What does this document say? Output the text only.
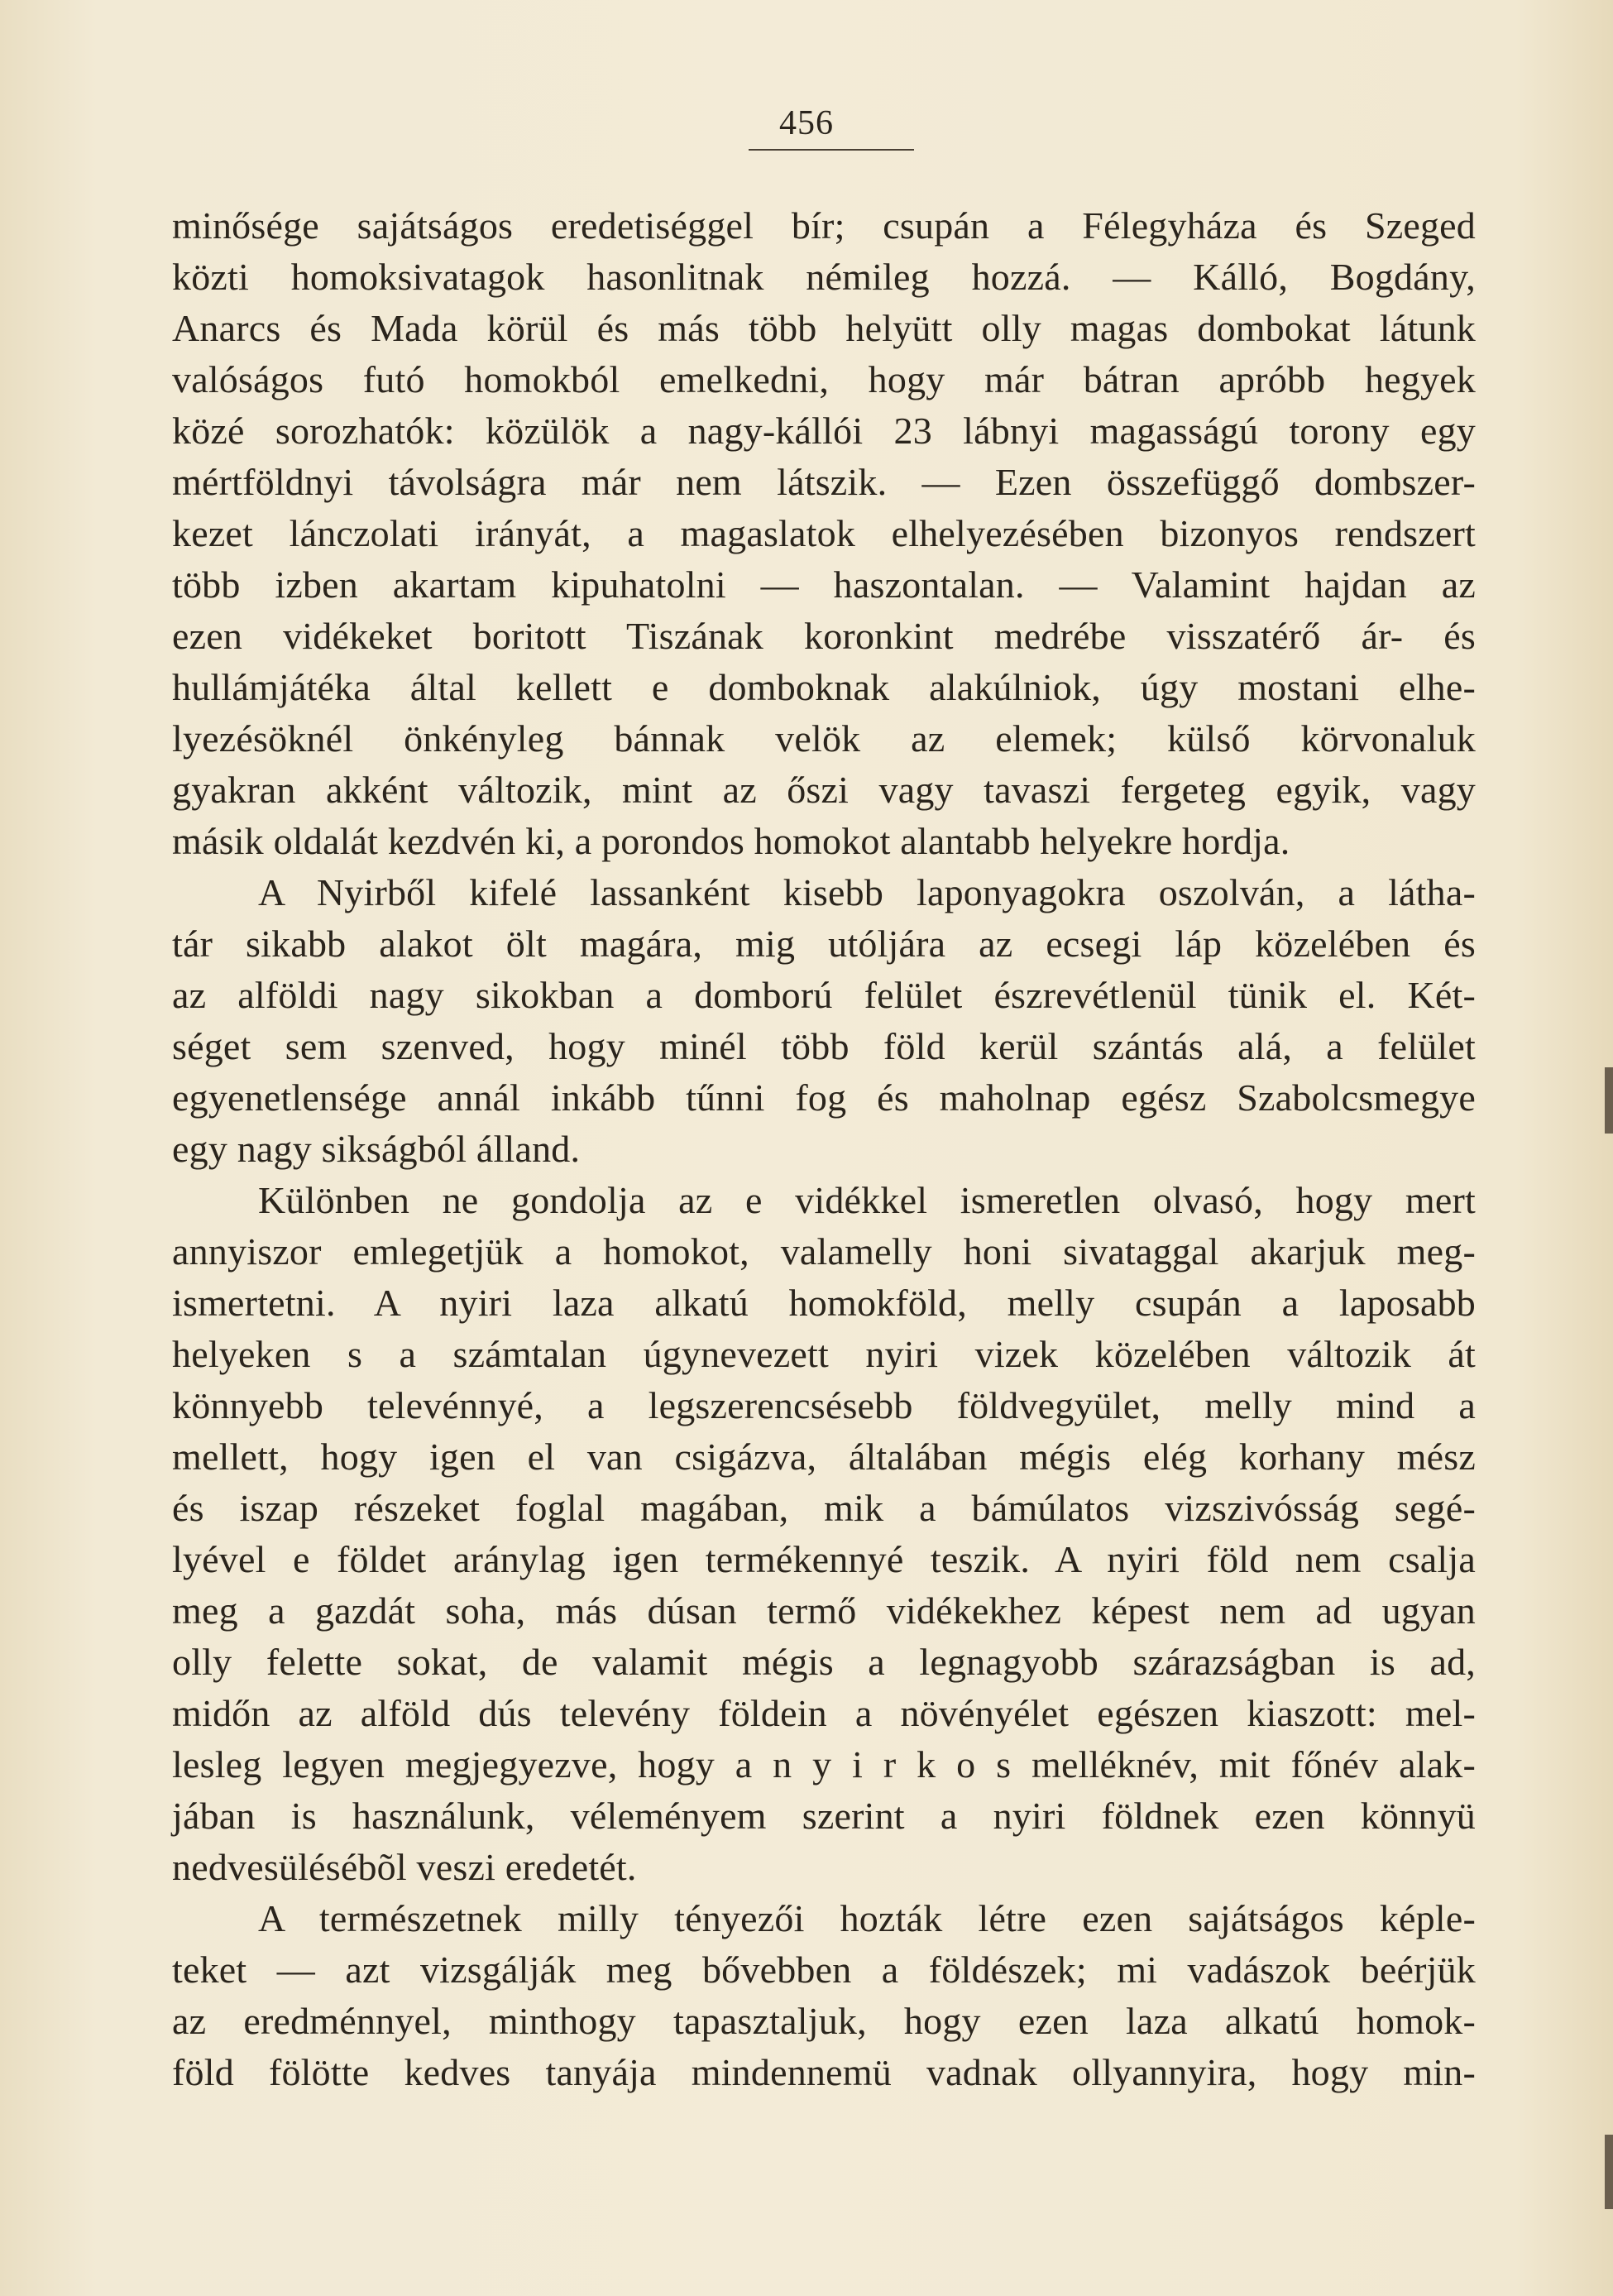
456
minősége sajátságos eredetiséggel bír; csupán a Félegyháza és Szeged
közti homoksivatagok hasonlitnak némileg hozzá. — Kálló, Bogdány,
Anarcs és Mada körül és más több helyütt olly magas dombokat látunk
valóságos futó homokból emelkedni, hogy már bátran apróbb hegyek
közé sorozhatók: közülök a nagy-kállói 23 lábnyi magasságú torony egy
mértföldnyi távolságra már nem látszik. — Ezen összefüggő dombszer-
kezet lánczolati irányát, a magaslatok elhelyezésében bizonyos rendszert
több izben akartam kipuhatolni — haszontalan. — Valamint hajdan az
ezen vidékeket boritott Tiszának koronkint medrébe visszatérő ár- és
hullámjátéka által kellett e domboknak alakúlniok, úgy mostani elhe-
lyezésöknél önkényleg bánnak velök az elemek; külső körvonaluk
gyakran akként változik, mint az őszi vagy tavaszi fergeteg egyik, vagy
másik oldalát kezdvén ki, a porondos homokot alantabb helyekre hordja.
A Nyirből kifelé lassanként kisebb laponyagokra oszolván, a látha-
tár sikabb alakot ölt magára, mig utóljára az ecsegi láp közelében és
az alföldi nagy sikokban a domború felület észrevétlenül tünik el. Két-
séget sem szenved, hogy minél több föld kerül szántás alá, a felület
egyenetlensége annál inkább tűnni fog és maholnap egész Szabolcsmegye
egy nagy sikságból álland.
Különben ne gondolja az e vidékkel ismeretlen olvasó, hogy mert
annyiszor emlegetjük a homokot, valamelly honi sivataggal akarjuk meg-
ismertetni. A nyiri laza alkatú homokföld, melly csupán a laposabb
helyeken s a számtalan úgynevezett nyiri vizek közelében változik át
könnyebb televénnyé, a legszerencsésebb földvegyület, melly mind a
mellett, hogy igen el van csigázva, általában mégis elég korhany mész
és iszap részeket foglal magában, mik a bámúlatos vizszivósság segé-
lyével e földet aránylag igen termékennyé teszik. A nyiri föld nem csalja
meg a gazdát soha, más dúsan termő vidékekhez képest nem ad ugyan
olly felette sokat, de valamit mégis a legnagyobb szárazságban is ad,
midőn az alföld dús televény földein a növényélet egészen kiaszott: mel-
lesleg legyen megjegyezve, hogy a n y i r k o s melléknév, mit főnév alak-
jában is használunk, véleményem szerint a nyiri földnek ezen könnyü
nedvesülésébõl veszi eredetét.
A természetnek milly tényezői hozták létre ezen sajátságos képle-
teket — azt vizsgálják meg bővebben a földészek; mi vadászok beérjük
az eredménnyel, minthogy tapasztaljuk, hogy ezen laza alkatú homok-
föld fölötte kedves tanyája mindennemü vadnak ollyannyira, hogy min-
